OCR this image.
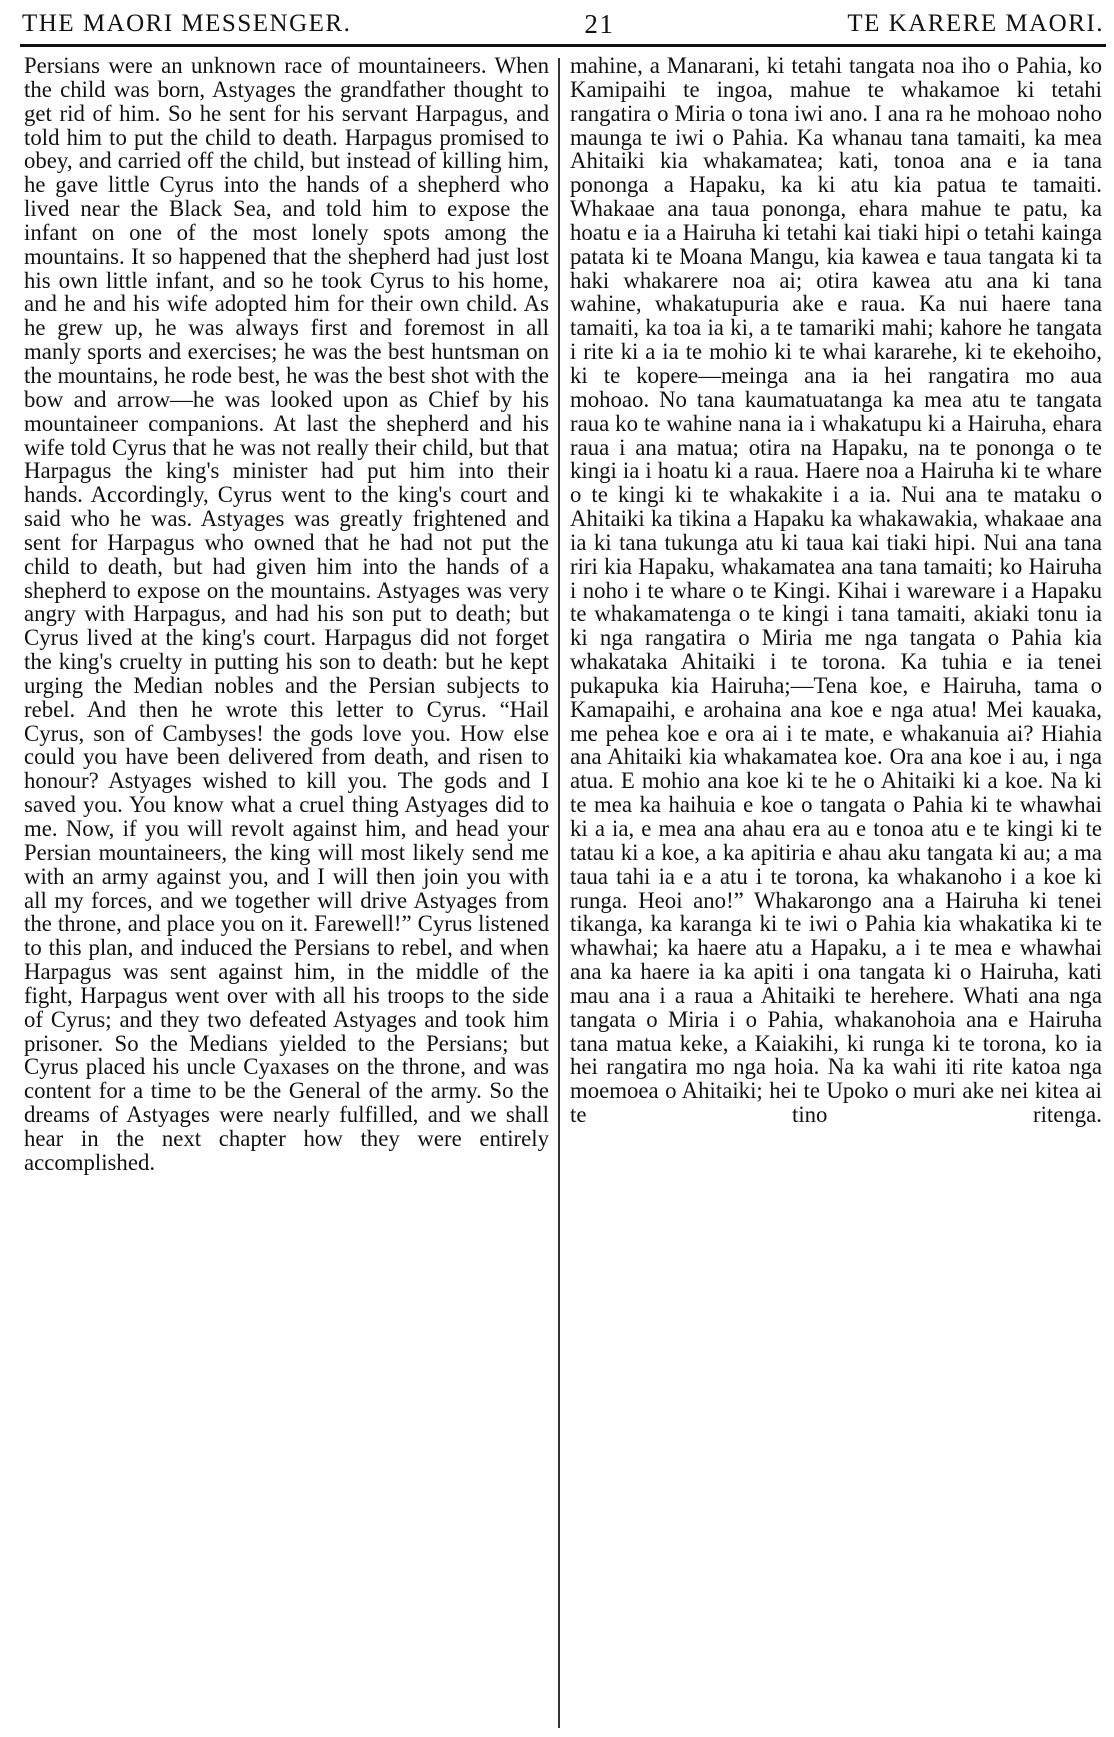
THE MAORI MESSENGER.	21	TE KARERE MAORI.
Persians were an unknown race of mountaineers. When the child was born, Astyages the grandfather thought to get rid of him. So he sent for his servant Harpagus, and told him to put the child to death. Harpagus promised to obey, and carried off the child, but instead of killing him, he gave little Cyrus into the hands of a shepherd who lived near the Black Sea, and told him to expose the infant on one of the most lonely spots among the mountains. It so happened that the shepherd had just lost his own little infant, and so he took Cyrus to his home, and he and his wife adopted him for their own child. As he grew up, he was always first and foremost in all manly sports and exercises; he was the best huntsman on the mountains, he rode best, he was the best shot with the bow and arrow—he was looked upon as Chief by his mountaineer companions. At last the shepherd and his wife told Cyrus that he was not really their child, but that Harpagus the king's minister had put him into their hands. Accordingly, Cyrus went to the king's court and said who he was. Astyages was greatly frightened and sent for Harpagus who owned that he had not put the child to death, but had given him into the hands of a shepherd to expose on the mountains. Astyages was very angry with Harpagus, and had his son put to death; but Cyrus lived at the king's court. Harpagus did not forget the king's cruelty in putting his son to death: but he kept urging the Median nobles and the Persian subjects to rebel. And then he wrote this letter to Cyrus. “Hail Cyrus, son of Cambyses! the gods love you. How else could you have been delivered from death, and risen to honour? Astyages wished to kill you. The gods and I saved you. You know what a cruel thing Astyages did to me. Now, if you will revolt against him, and head your Persian mountaineers, the king will most likely send me with an army against you, and I will then join you with all my forces, and we together will drive Astyages from the throne, and place you on it. Farewell!” Cyrus listened to this plan, and induced the Persians to rebel, and when Harpagus was sent against him, in the middle of the fight, Harpagus went over with all his troops to the side of Cyrus; and they two defeated Astyages and took him prisoner. So the Medians yielded to the Persians; but Cyrus placed his uncle Cyaxases on the throne, and was content for a time to be the General of the army. So the dreams of Astyages were nearly fulfilled, and we shall hear in the next chapter how they were entirely accomplished.
mahine, a Manarani, ki tetahi tangata noa iho o Pahia, ko Kamipaihi te ingoa, mahue te whakamoe ki tetahi rangatira o Miria o tona iwi ano. I ana ra he mohoao noho maunga te iwi o Pahia. Ka whanau tana tamaiti, ka mea Ahitaiki kia whakamatea; kati, tonoa ana e ia tana pononga a Hapaku, ka ki atu kia patua te tamaiti. Whakaae ana taua pononga, ehara mahue te patu, ka hoatu e ia a Hairuha ki tetahi kai tiaki hipi o tetahi kainga patata ki te Moana Mangu, kia kawea e taua tangata ki ta haki whakarere noa ai; otira kawea atu ana ki tana wahine, whakatupuria ake e raua. Ka nui haere tana tamaiti, ka toa ia ki, a te tamariki mahi; kahore he tangata i rite ki a ia te mohio ki te whai kararehe, ki te ekehoiho, ki te kopere—meinga ana ia hei rangatira mo aua mohoao. No tana kaumatuatanga ka mea atu te tangata raua ko te wahine nana ia i whakatupu ki a Hairuha, ehara raua i ana matua; otira na Hapaku, na te pononga o te kingi ia i hoatu ki a raua. Haere noa a Hairuha ki te whare o te kingi ki te whakakite i a ia. Nui ana te mataku o Ahitaiki ka tikina a Hapaku ka whakawakia, whakaae ana ia ki tana tukunga atu ki taua kai tiaki hipi. Nui ana tana riri kia Hapaku, whakamatea ana tana tamaiti; ko Hairuha i noho i te whare o te Kingi. Kihai i wareware i a Hapaku te whakamatenga o te kingi i tana tamaiti, akiaki tonu ia ki nga rangatira o Miria me nga tangata o Pahia kia whakataka Ahitaiki i te torona. Ka tuhia e ia tenei pukapuka kia Hairuha;—Tena koe, e Hairuha, tama o Kamapaihi, e arohaina ana koe e nga atua! Mei kauaka, me pehea koe e ora ai i te mate, e whakanuia ai? Hiahia ana Ahitaiki kia whakamatea koe. Ora ana koe i au, i nga atua. E mohio ana koe ki te he o Ahitaiki ki a koe. Na ki te mea ka haihuia e koe o tangata o Pahia ki te whawhai ki a ia, e mea ana ahau era au e tonoa atu e te kingi ki te tatau ki a koe, a ka apitiria e ahau aku tangata ki au; a ma taua tahi ia e a atu i te torona, ka whakanoho i a koe ki runga. Heoi ano!” Whakarongo ana a Hairuha ki tenei tikanga, ka karanga ki te iwi o Pahia kia whakatika ki te whawhai; ka haere atu a Hapaku, a i te mea e whawhai ana ka haere ia ka apiti i ona tangata ki o Hairuha, kati mau ana i a raua a Ahitaiki te herehere. Whati ana nga tangata o Miria i o Pahia, whakanohoia ana e Hairuha tana matua keke, a Kaiakihi, ki runga ki te torona, ko ia hei rangatira mo nga hoia. Na ka wahi iti rite katoa nga moemoea o Ahitaiki; hei te Upoko o muri ake nei kitea ai te tino ritenga.
